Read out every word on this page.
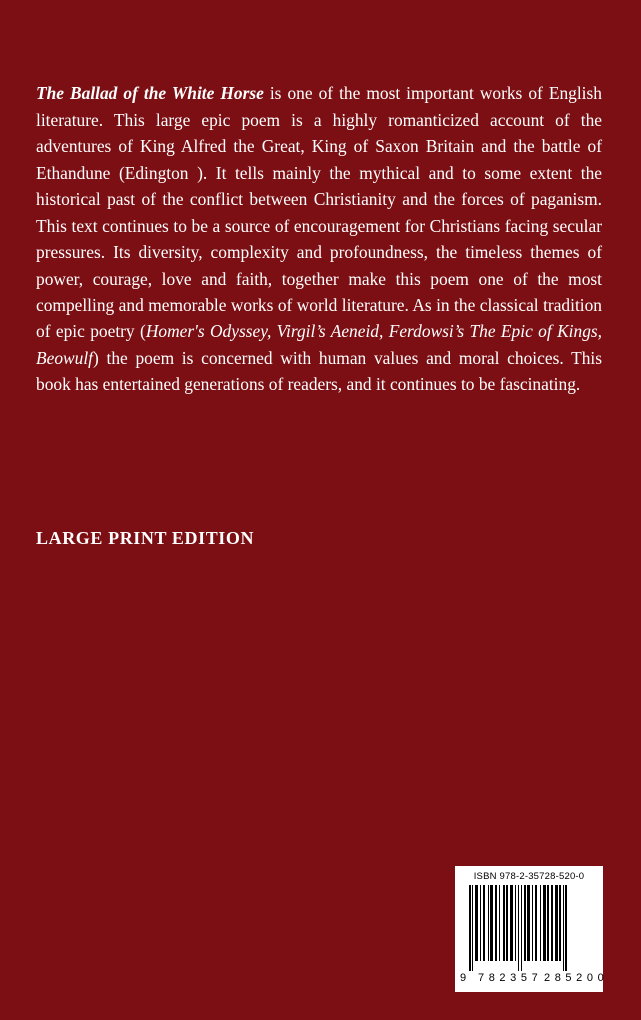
The Ballad of the White Horse is one of the most important works of English literature. This large epic poem is a highly romanticized account of the adventures of King Alfred the Great, King of Saxon Britain and the battle of Ethandune (Edington ). It tells mainly the mythical and to some extent the historical past of the conflict between Christianity and the forces of paganism. This text continues to be a source of encouragement for Christians facing secular pressures. Its diversity, complexity and profoundness, the timeless themes of power, courage, love and faith, together make this poem one of the most compelling and memorable works of world literature. As in the classical tradition of epic poetry (Homer's Odyssey, Virgil’s Aeneid, Ferdowsi’s The Epic of Kings, Beowulf) the poem is concerned with human values and moral choices. This book has entertained generations of readers, and it continues to be fascinating.

LARGE PRINT EDITION
ISBN 978-2-35728-520-0
9 782357 285200
